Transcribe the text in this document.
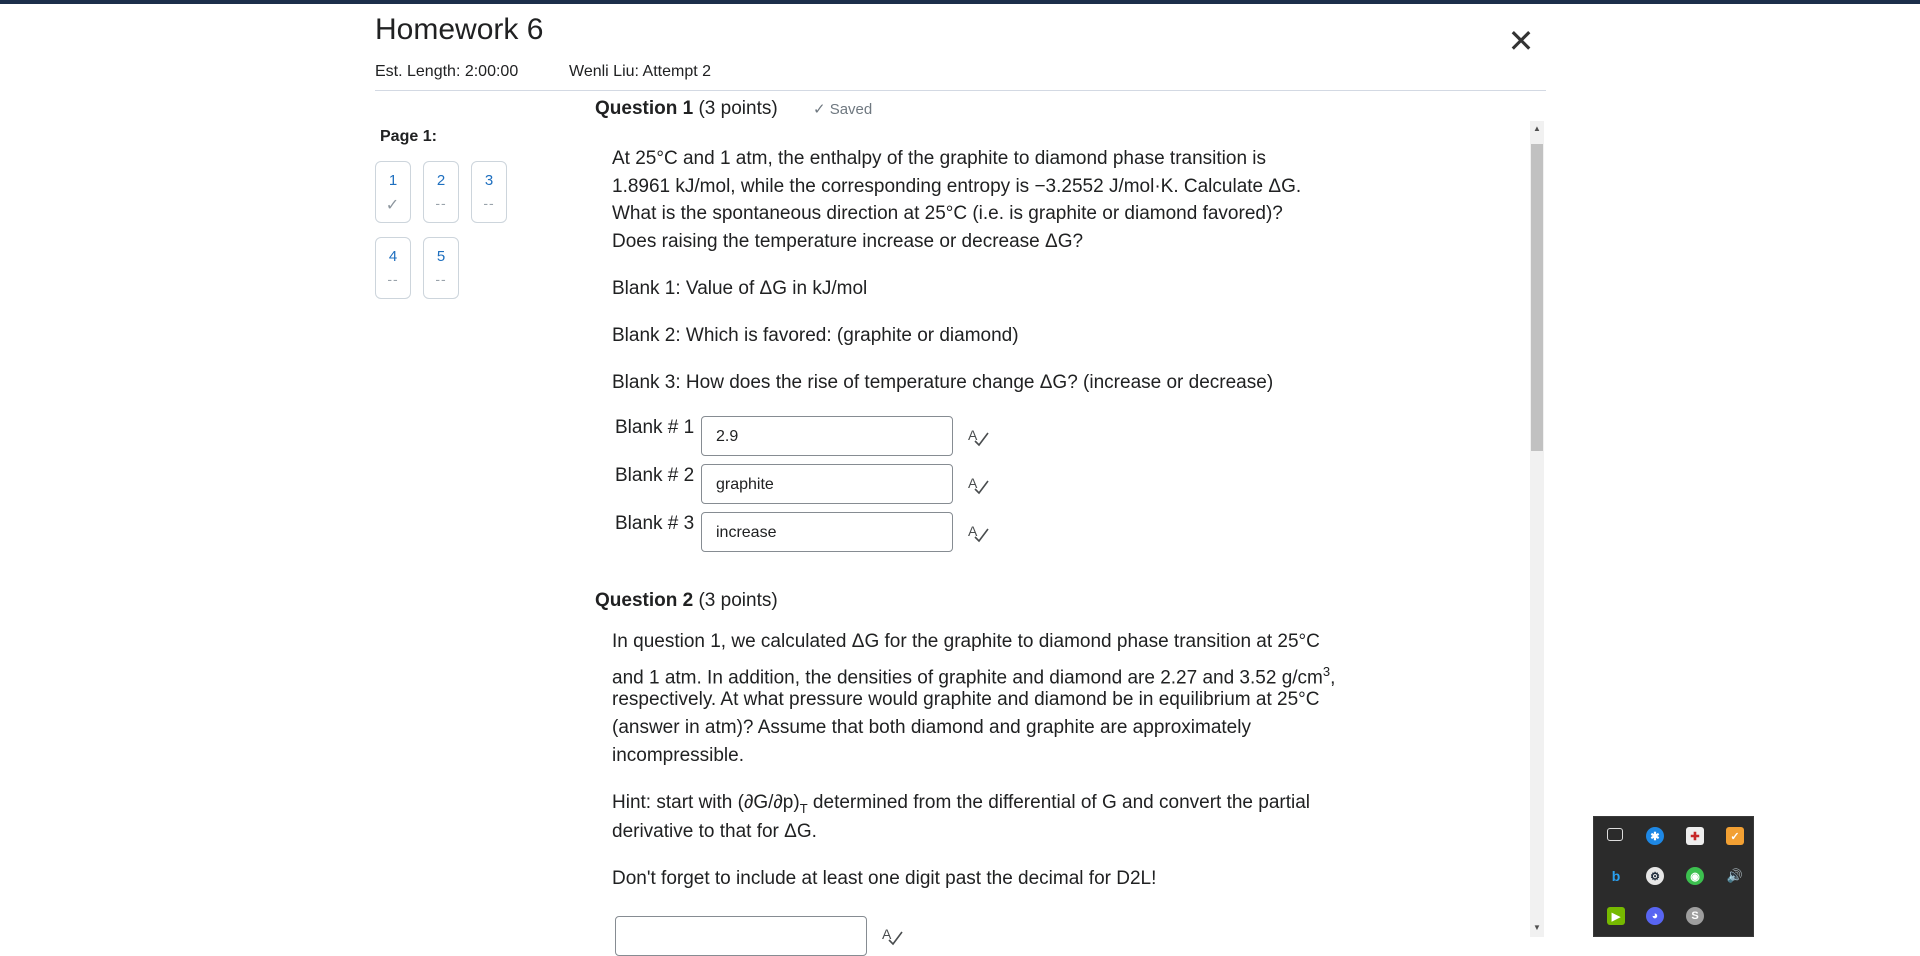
Homework 6
Est. Length: 2:00:00	Wenli Liu: Attempt 2
✕
Page 1:
1
✓
2
--
3
--
4
--
5
--
Question 1 (3 points) ✓ Saved

At 25°C and 1 atm, the enthalpy of the graphite to diamond phase transition is

1.8961 kJ/mol, while the corresponding entropy is −3.2552 J/mol·K. Calculate ΔG.

What is the spontaneous direction at 25°C (i.e. is graphite or diamond favored)?

Does raising the temperature increase or decrease ΔG?

Blank 1: Value of ΔG in kJ/mol

Blank 2: Which is favored: (graphite or diamond)

Blank 3: How does the rise of temperature change ΔG? (increase or decrease)

Blank # 1	2.9	A
Blank # 2	graphite	A
Blank # 3	increase	A
Question 2 (3 points)

In question 1, we calculated ΔG for the graphite to diamond phase transition at 25°C

and 1 atm. In addition, the densities of graphite and diamond are 2.27 and 3.52 $g/cm^3$,

respectively. At what pressure would graphite and diamond be in equilibrium at 25°C

(answer in atm)? Assume that both diamond and graphite are approximately

incompressible.

Hint: start with $(\partial G/\partial p)_T$ determined from the differential of G and convert the partial

derivative to that for ΔG.

Don't forget to include at least one digit past the decimal for D2L!

A
▲
▼
✱	✚	✓
b	⚙	◉	🔊
▶	◕	S
